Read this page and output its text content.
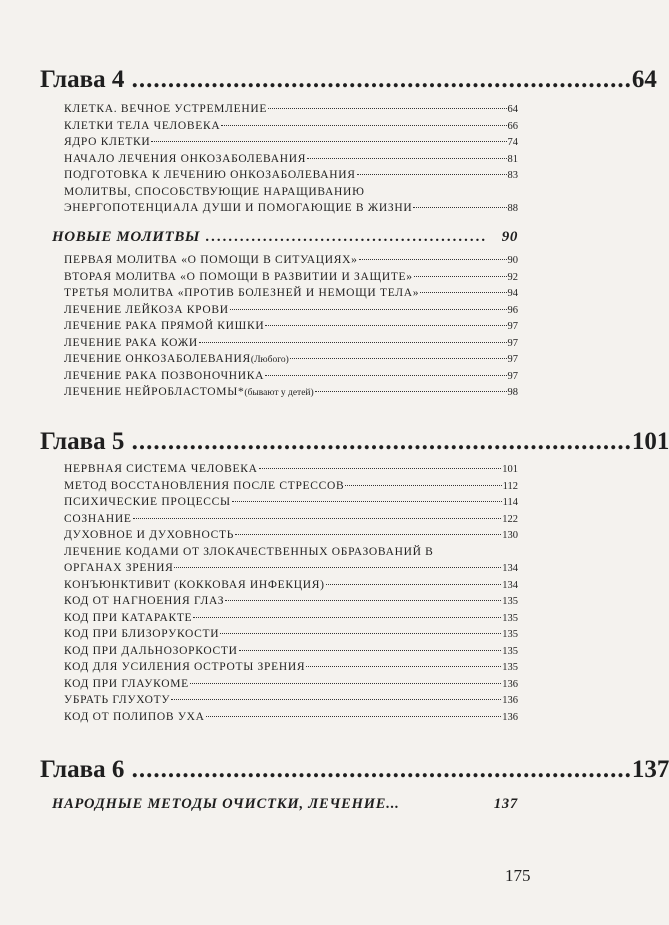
Глава 4 ..................................................................... 64
КЛЕТКА. ВЕЧНОЕ УСТРЕМЛЕНИЕ	64
КЛЕТКИ ТЕЛА ЧЕЛОВЕКА	66
ЯДРО КЛЕТКИ	74
НАЧАЛО ЛЕЧЕНИЯ ОНКОЗАБОЛЕВАНИЯ	81
ПОДГОТОВКА К ЛЕЧЕНИЮ ОНКОЗАБОЛЕВАНИЯ	83
МОЛИТВЫ, СПОСОБСТВУЮЩИЕ НАРАЩИВАНИЮ
ЭНЕРГОПОТЕНЦИАЛА ДУШИ И ПОМОГАЮЩИЕ В ЖИЗНИ	88
НОВЫЕ МОЛИТВЫ ................................................. 90
ПЕРВАЯ МОЛИТВА «О ПОМОЩИ В СИТУАЦИЯХ»	90
ВТОРАЯ МОЛИТВА «О ПОМОЩИ В РАЗВИТИИ И ЗАЩИТЕ»	92
ТРЕТЬЯ МОЛИТВА «ПРОТИВ БОЛЕЗНЕЙ И НЕМОЩИ ТЕЛА»	94
ЛЕЧЕНИЕ ЛЕЙКОЗА КРОВИ	96
ЛЕЧЕНИЕ РАКА ПРЯМОЙ КИШКИ	97
ЛЕЧЕНИЕ РАКА КОЖИ	97
ЛЕЧЕНИЕ ОНКОЗАБОЛЕВАНИЯ (Любого)	97
ЛЕЧЕНИЕ РАКА ПОЗВОНОЧНИКА	97
ЛЕЧЕНИЕ НЕЙРОБЛАСТОМЫ* (бывают у детей)	98
Глава 5 ..................................................................... 101
НЕРВНАЯ СИСТЕМА ЧЕЛОВЕКА	101
МЕТОД ВОССТАНОВЛЕНИЯ ПОСЛЕ СТРЕССОВ	112
ПСИХИЧЕСКИЕ ПРОЦЕССЫ	114
СОЗНАНИЕ	122
ДУХОВНОЕ И ДУХОВНОСТЬ	130
ЛЕЧЕНИЕ КОДАМИ ОТ ЗЛОКАЧЕСТВЕННЫХ ОБРАЗОВАНИЙ В
ОРГАНАХ ЗРЕНИЯ	134
КОНЪЮНКТИВИТ (КОККОВАЯ ИНФЕКЦИЯ)	134
КОД ОТ НАГНОЕНИЯ ГЛАЗ	135
КОД ПРИ КАТАРАКТЕ	135
КОД ПРИ БЛИЗОРУКОСТИ	135
КОД ПРИ ДАЛЬНОЗОРКОСТИ	135
КОД ДЛЯ УСИЛЕНИЯ ОСТРОТЫ ЗРЕНИЯ	135
КОД ПРИ ГЛАУКОМЕ	136
УБРАТЬ ГЛУХОТУ	136
КОД ОТ ПОЛИПОВ УХА	136
Глава 6 ..................................................................... 137
НАРОДНЫЕ МЕТОДЫ ОЧИСТКИ, ЛЕЧЕНИЕ...	137
175
